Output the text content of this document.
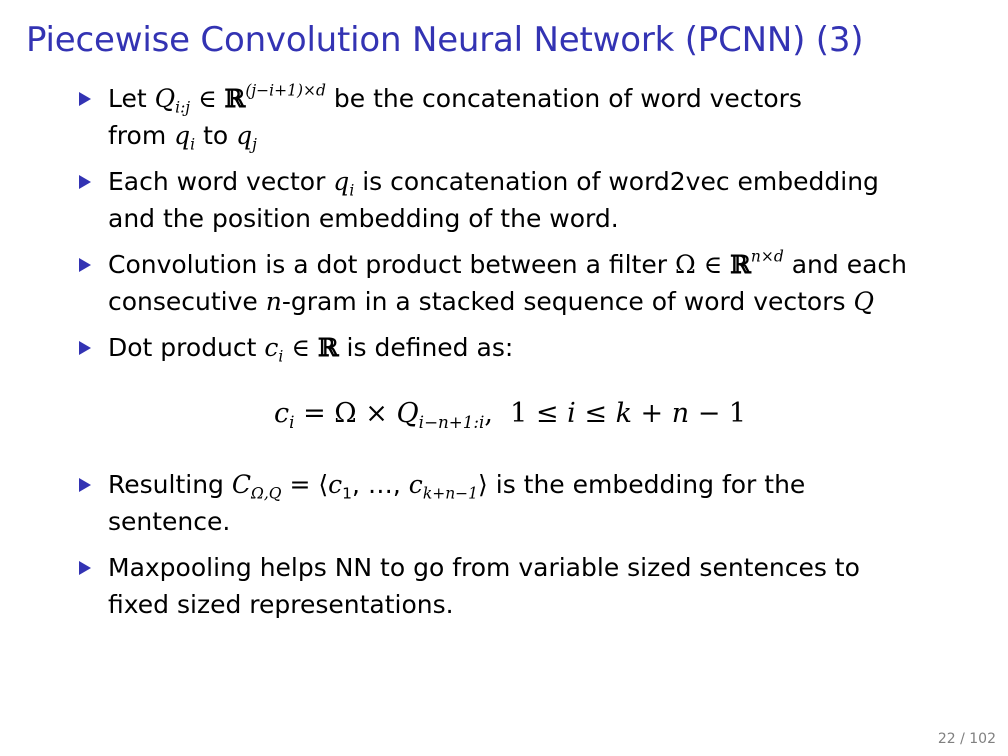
Piecewise Convolution Neural Network (PCNN) (3)
Let $Q_{i:j}$ ∈ ℝ$^{(j-i+1)\times d}$ be the concatenation of word vectors
from $q_i$ to $q_j$
Each word vector $q_i$ is concatenation of word2vec embedding
and the position embedding of the word.
Convolution is a dot product between a filter Ω ∈ ℝ$^{n\times d}$ and each
consecutive n-gram in a stacked sequence of word vectors Q
Dot product $c_i$ ∈ ℝ is defined as:
$c_i = \Omega \times Q_{i-n+1:i}$,  1 ≤ i ≤ k + n − 1
Resulting $C_{\Omega,Q}$ = $⟨c_1$, …, $c_{k+n-1}⟩$ is the embedding for the
sentence.
Maxpooling helps NN to go from variable sized sentences to
fixed sized representations.
22 / 102
